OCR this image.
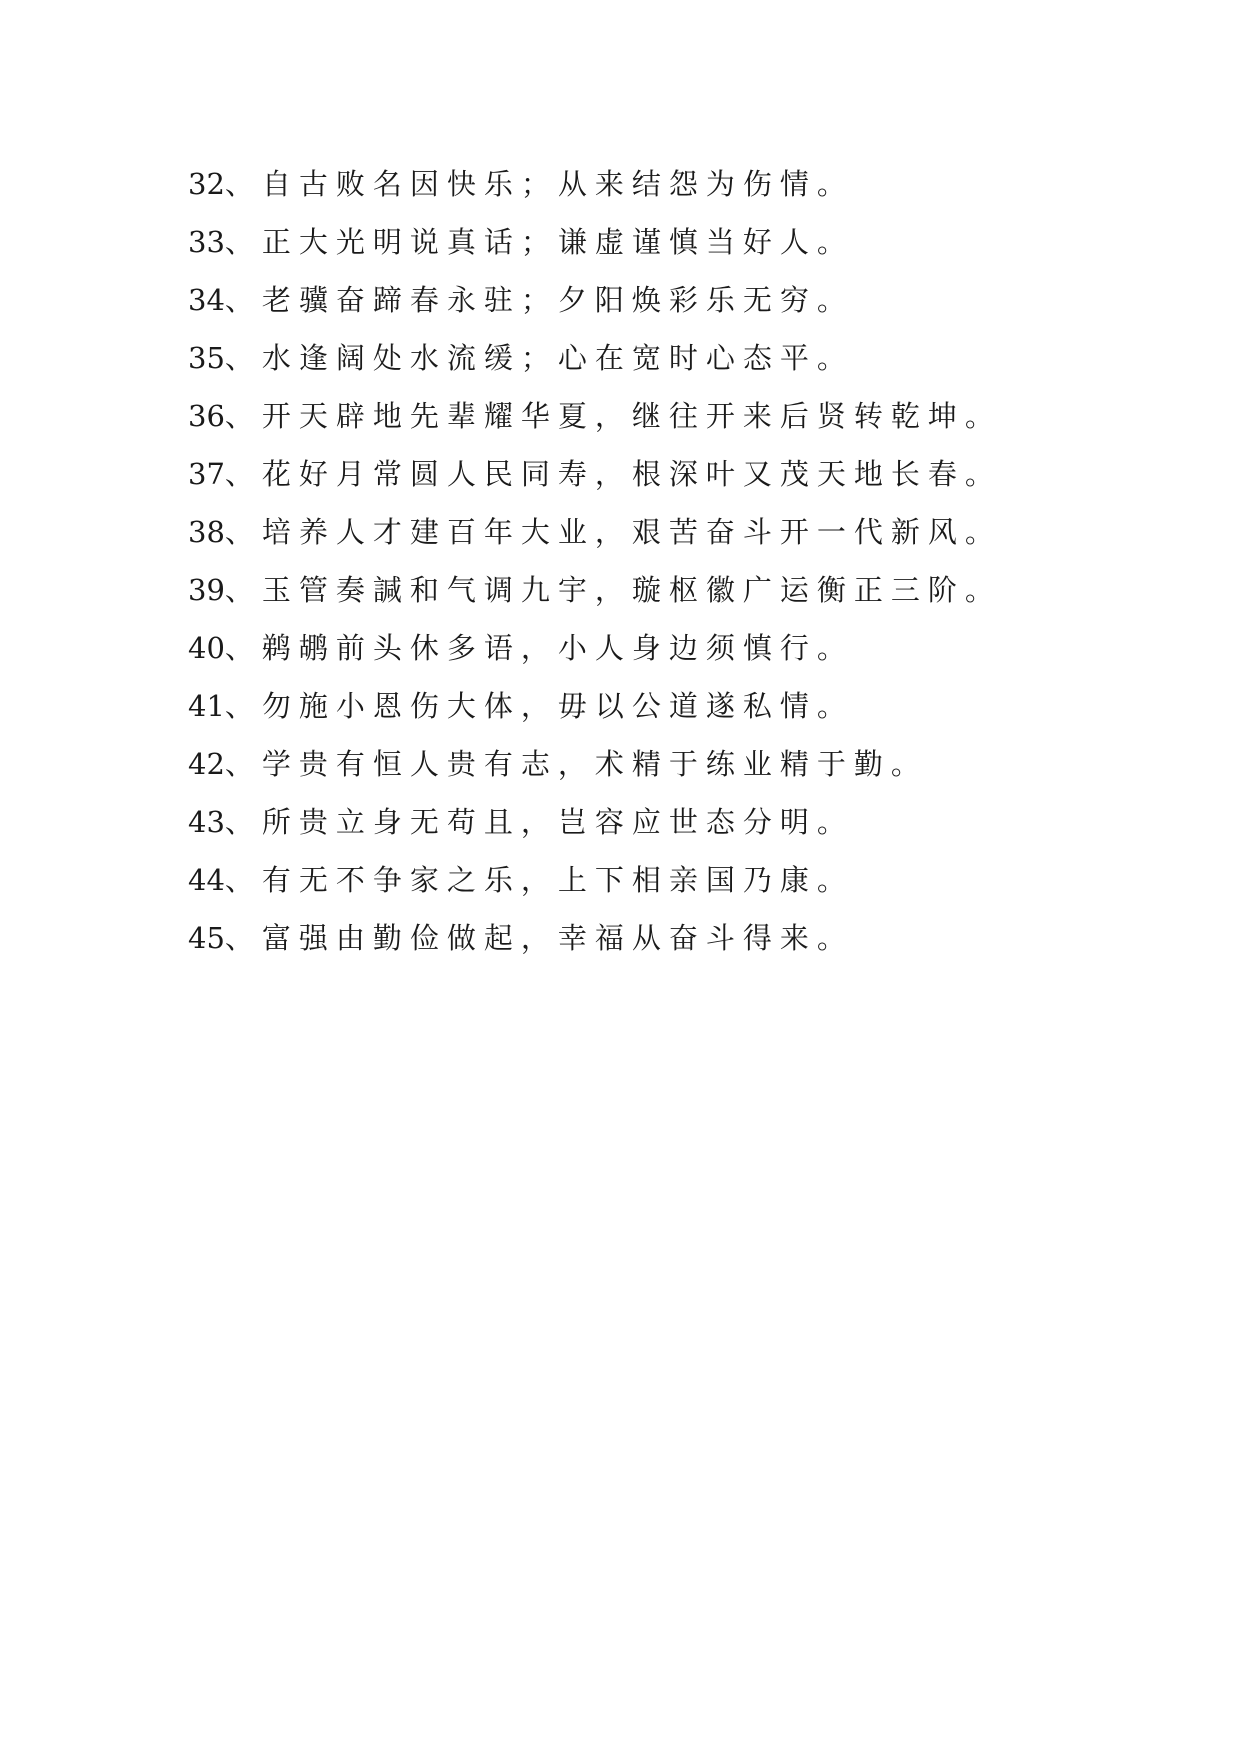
32 、 自古败名因快乐；从来结怨为伤情。
33 、 正大光明说真话；谦虚谨慎当好人。
34 、 老骥奋蹄春永驻；夕阳焕彩乐无穷。
35 、 水逢阔处水流缓；心在宽时心态平。
36 、 开天辟地先辈耀华夏，继往开来后贤转乾坤。
37 、 花好月常圆人民同寿，根深叶又茂天地长春。
38 、 培养人才建百年大业，艰苦奋斗开一代新风。
39 、 玉管奏諴和气调九宇，璇枢徽广运衡正三阶。
40 、 鹈鹕前头休多语，小人身边须慎行。
41 、 勿施小恩伤大体，毋以公道遂私情。
42 、 学贵有恒人贵有志，术精于练业精于勤。
43 、 所贵立身无苟且，岂容应世态分明。
44 、 有无不争家之乐，上下相亲国乃康。
45 、 富强由勤俭做起，幸福从奋斗得来。
